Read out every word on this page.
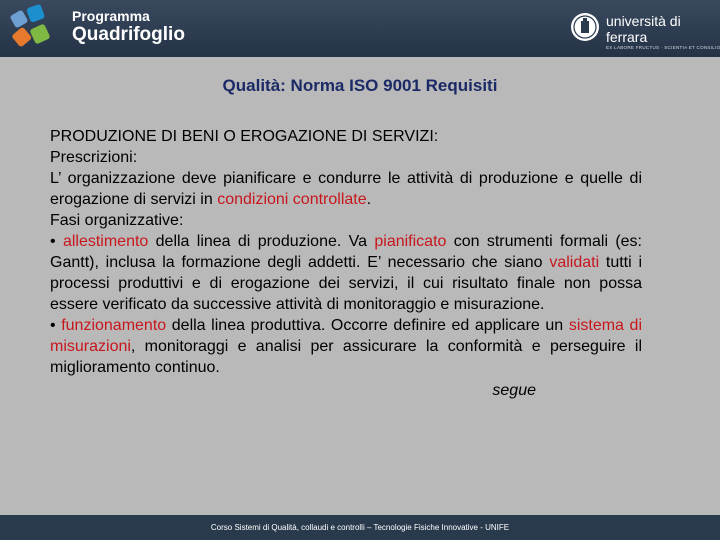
Programma
Quadrifoglio
università di ferrara
EX LABORE FRUCTUS · SCIENTIA ET CONSILIO
Qualità: Norma ISO 9001 Requisiti

PRODUZIONE DI BENI O EROGAZIONE DI SERVIZI:

Prescrizioni:

L’ organizzazione deve pianificare e condurre le attività di produzione e quelle di erogazione di servizi in condizioni controllate.

Fasi organizzative:

• allestimento della linea di produzione. Va pianificato con strumenti formali (es: Gantt), inclusa la formazione degli addetti. E’ necessario che siano validati tutti i processi produttivi e di erogazione dei servizi, il cui risultato finale non possa essere verificato da successive attività di monitoraggio e misurazione.

• funzionamento della linea produttiva. Occorre definire ed applicare un sistema di misurazioni, monitoraggi e analisi per assicurare la conformità e perseguire il miglioramento continuo.

segue

Corso Sistemi di Qualità, collaudi e controlli – Tecnologie Fisiche Innovative - UNIFE
